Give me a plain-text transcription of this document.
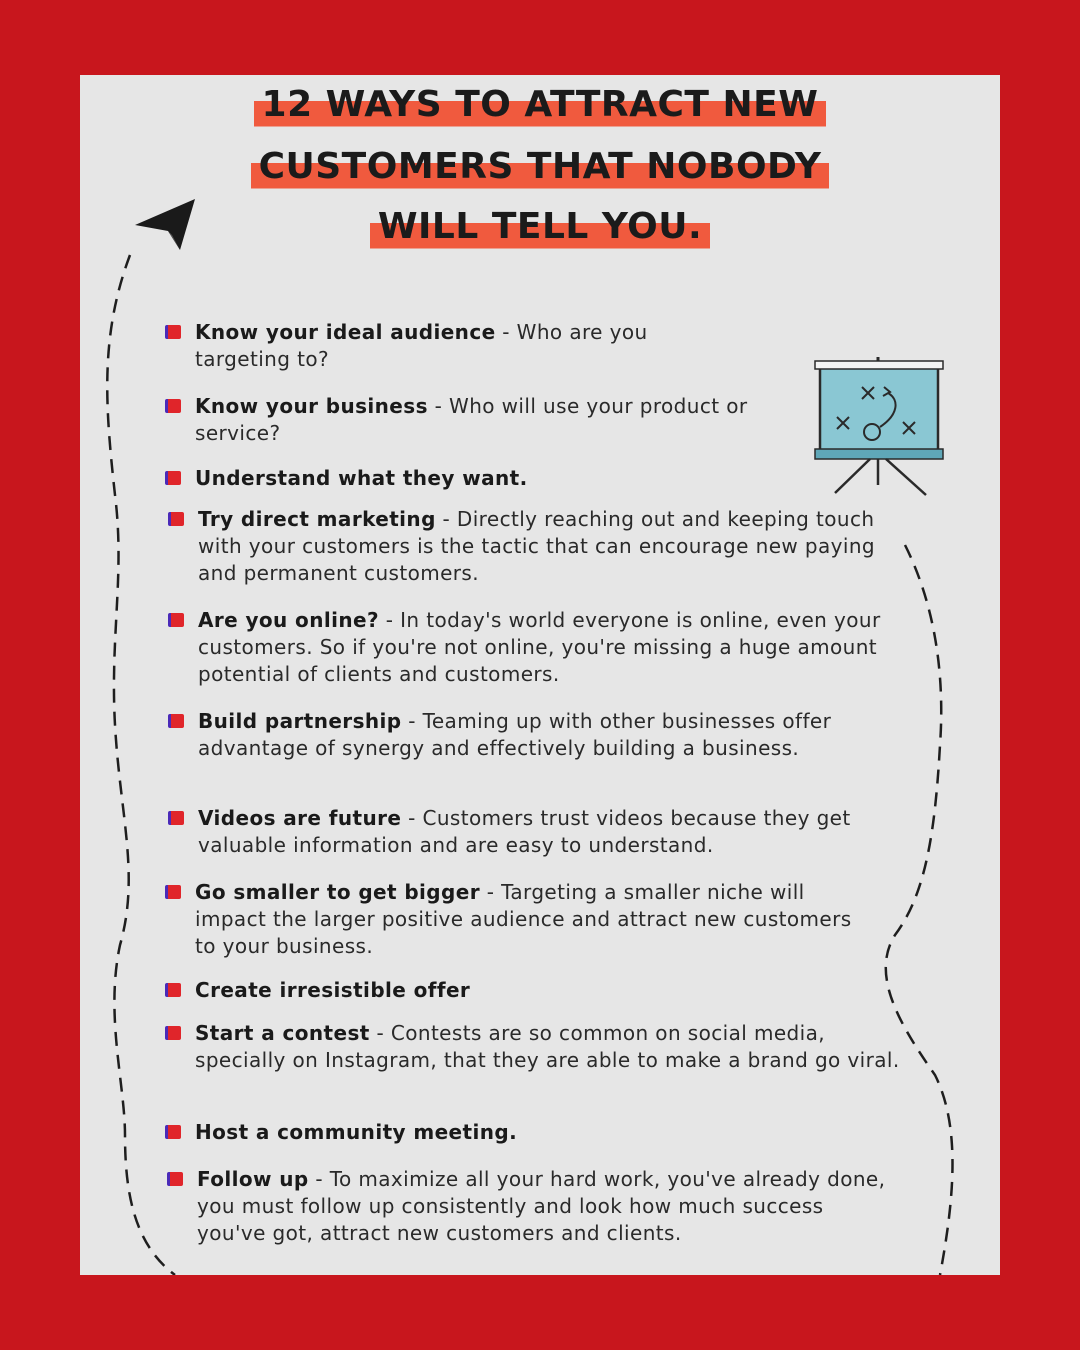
12 WAYS TO ATTRACT NEW
CUSTOMERS THAT NOBODY
WILL TELL YOU.
Know your ideal audience - Who are you targeting to?
Know your business - Who will use your product or service?
Understand what they want.
Try direct marketing - Directly reaching out and keeping touch with your customers is the tactic that can encourage new paying and permanent customers.
Are you online? - In today's world everyone is online, even your customers. So if you're not online, you're missing a huge amount potential of clients and customers.
Build partnership - Teaming up with other businesses offer advantage of synergy and effectively building a business.
Videos are future - Customers trust videos because they get valuable information and are easy to understand.
Go smaller to get bigger - Targeting a smaller niche will impact the larger positive audience and attract new customers to your business.
Create irresistible offer
Start a contest - Contests are so common on social media, specially on Instagram, that they are able to make a brand go viral.
Host a community meeting.
Follow up - To maximize all your hard work, you've already done, you must follow up consistently and look how much success you've got, attract new customers and clients.
